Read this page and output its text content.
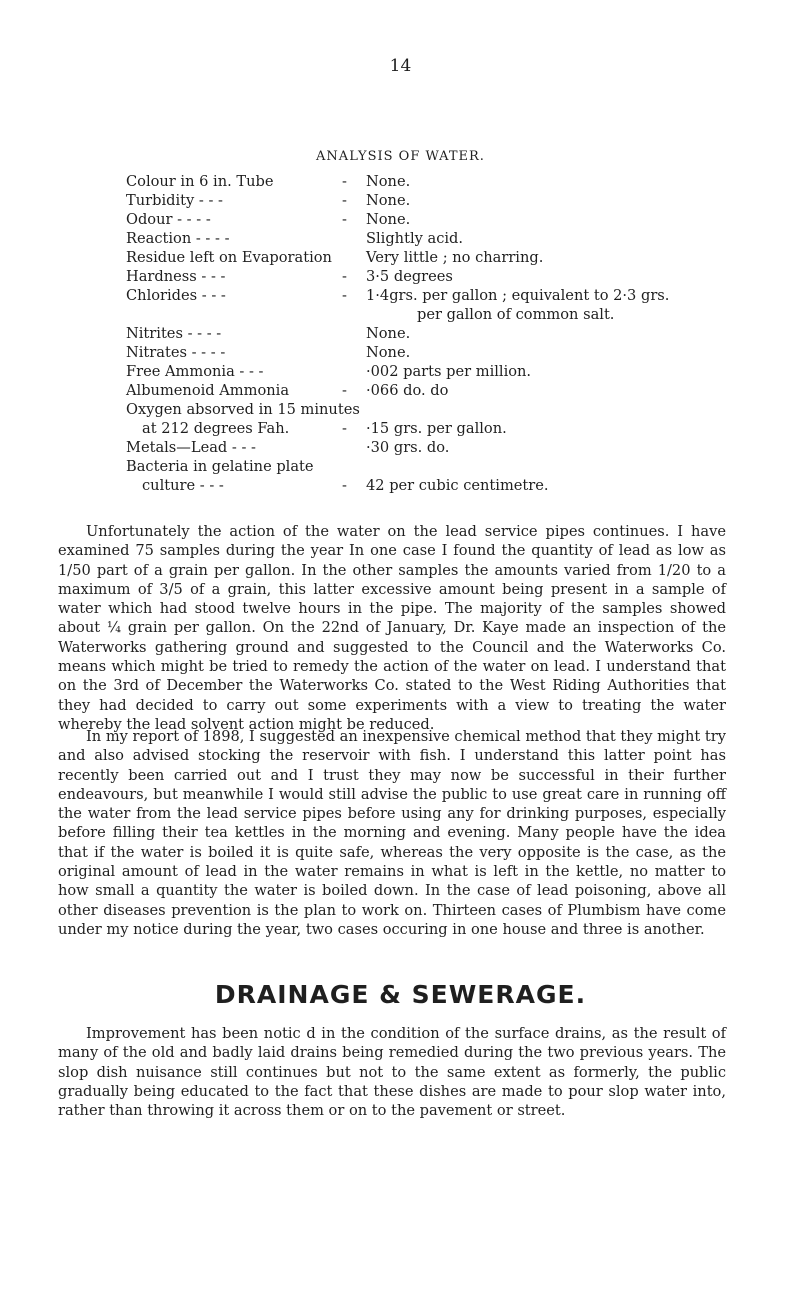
14
ANALYSIS OF WATER.
Colour in 6 in. Tube	- None.
Turbidity - - -	- None.
Odour - - - -	- None.
Reaction - - - -	Slightly acid.
Residue left on Evaporation Very little ; no charring.
Hardness - - -	- 3·5 degrees
Chlorides - - -	- 1·4grs. per gallon ; equivalent to 2·3 grs.
per gallon of common salt.
Nitrites - - - -	None.
Nitrates - - - -	None.
Free Ammonia - - -	·002 parts per million.
Albumenoid Ammonia	- ·066 do. do
Oxygen absorved in 15 minutes
at 212 degrees Fah.	- ·15 grs. per gallon.
Metals—Lead - - -	·30 grs. do.
Bacteria in gelatine plate
culture - - -	- 42 per cubic centimetre.

Unfortunately the action of the water on the lead service pipes continues. I have examined 75 samples during the year In one case I found the quantity of lead as low as 1/50 part of a grain per gallon. In the other samples the amounts varied from 1/20 to a maximum of 3/5 of a grain, this latter excessive amount being present in a sample of water which had stood twelve hours in the pipe. The majority of the samples showed about ¼ grain per gallon. On the 22nd of January, Dr. Kaye made an inspection of the Waterworks gathering ground and suggested to the Council and the Waterworks Co. means which might be tried to remedy the action of the water on lead. I understand that on the 3rd of December the Waterworks Co. stated to the West Riding Authorities that they had decided to carry out some experiments with a view to treating the water whereby the lead solvent action might be reduced.

In my report of 1898, I suggested an inexpensive chemical method that they might try and also advised stocking the reservoir with fish. I understand this latter point has recently been carried out and I trust they may now be successful in their further endeavours, but meanwhile I would still advise the public to use great care in running off the water from the lead service pipes before using any for drinking purposes, especially before filling their tea kettles in the morning and evening. Many people have the idea that if the water is boiled it is quite safe, whereas the very opposite is the case, as the original amount of lead in the water remains in what is left in the kettle, no matter to how small a quantity the water is boiled down. In the case of lead poisoning, above all other diseases prevention is the plan to work on. Thirteen cases of Plumbism have come under my notice during the year, two cases occuring in one house and three is another.

DRAINAGE & SEWERAGE.

Improvement has been notic d in the condition of the surface drains, as the result of many of the old and badly laid drains being remedied during the two previous years. The slop dish nuisance still continues but not to the same extent as formerly, the public gradually being educated to the fact that these dishes are made to pour slop water into, rather than throwing it across them or on to the pavement or street.
